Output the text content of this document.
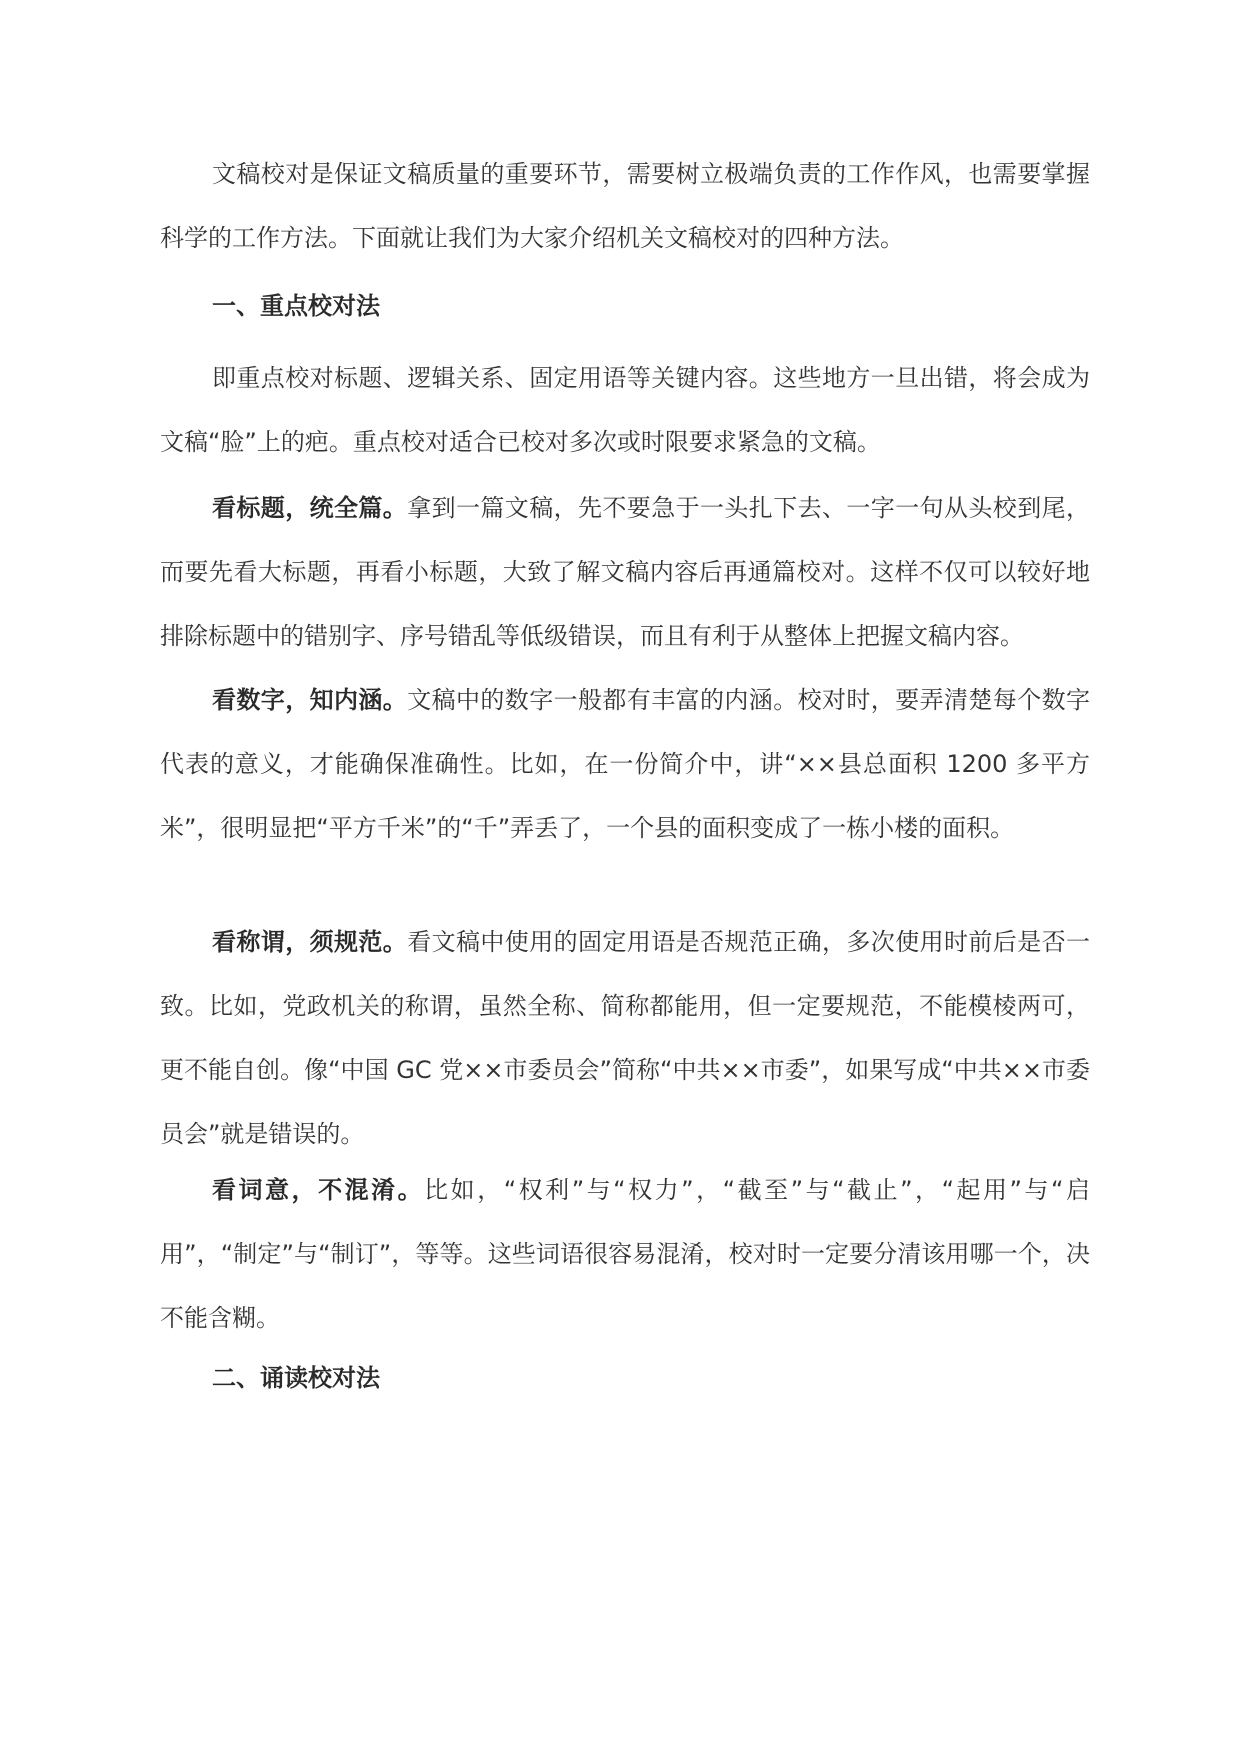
文稿校对是保证文稿质量的重要环节，需要树立极端负责的工作作风，也需要掌握科学的工作方法。下面就让我们为大家介绍机关文稿校对的四种方法。

一、重点校对法

即重点校对标题、逻辑关系、固定用语等关键内容。这些地方一旦出错，将会成为文稿“脸”上的疤。重点校对适合已校对多次或时限要求紧急的文稿。

看标题，统全篇。拿到一篇文稿，先不要急于一头扎下去、一字一句从头校到尾，而要先看大标题，再看小标题，大致了解文稿内容后再通篇校对。这样不仅可以较好地排除标题中的错别字、序号错乱等低级错误，而且有利于从整体上把握文稿内容。

看数字，知内涵。文稿中的数字一般都有丰富的内涵。校对时，要弄清楚每个数字代表的意义，才能确保准确性。比如，在一份简介中，讲“××县总面积 1200 多平方米”，很明显把“平方千米”的“千”弄丢了，一个县的面积变成了一栋小楼的面积。

看称谓，须规范。看文稿中使用的固定用语是否规范正确，多次使用时前后是否一致。比如，党政机关的称谓，虽然全称、简称都能用，但一定要规范，不能模棱两可，更不能自创。像“中国 GC 党××市委员会”简称“中共××市委”，如果写成“中共××市委员会”就是错误的。

看词意，不混淆。比如，“权利”与“权力”，“截至”与“截止”，“起用”与“启用”，“制定”与“制订”，等等。这些词语很容易混淆，校对时一定要分清该用哪一个，决不能含糊。

二、诵读校对法
